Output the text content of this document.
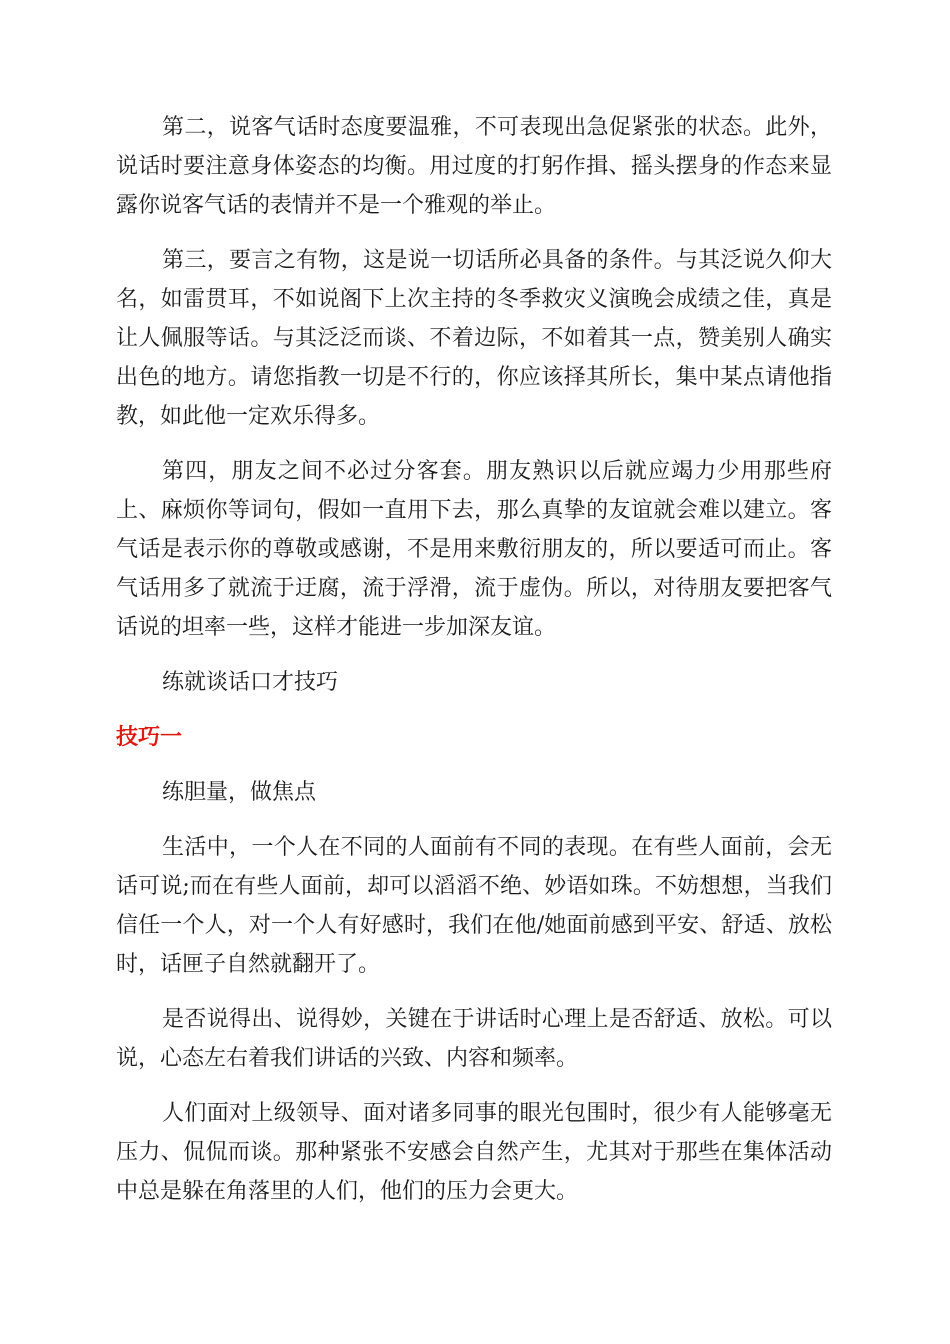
第二，说客气话时态度要温雅，不可表现出急促紧张的状态。此外，说话时要注意身体姿态的均衡。用过度的打躬作揖、摇头摆身的作态来显露你说客气话的表情并不是一个雅观的举止。

第三，要言之有物，这是说一切话所必具备的条件。与其泛说久仰大名，如雷贯耳，不如说阁下上次主持的冬季救灾义演晚会成绩之佳，真是让人佩服等话。与其泛泛而谈、不着边际，不如着其一点，赞美别人确实出色的地方。请您指教一切是不行的，你应该择其所长，集中某点请他指教，如此他一定欢乐得多。

第四，朋友之间不必过分客套。朋友熟识以后就应竭力少用那些府上、麻烦你等词句，假如一直用下去，那么真挚的友谊就会难以建立。客气话是表示你的尊敬或感谢，不是用来敷衍朋友的，所以要适可而止。客气话用多了就流于迂腐，流于浮滑，流于虚伪。所以，对待朋友要把客气话说的坦率一些，这样才能进一步加深友谊。

练就谈话口才技巧

技巧一

练胆量，做焦点

生活中，一个人在不同的人面前有不同的表现。在有些人面前，会无话可说;而在有些人面前，却可以滔滔不绝、妙语如珠。不妨想想，当我们信任一个人，对一个人有好感时，我们在他/她面前感到平安、舒适、放松时，话匣子自然就翻开了。

是否说得出、说得妙，关键在于讲话时心理上是否舒适、放松。可以说，心态左右着我们讲话的兴致、内容和频率。

人们面对上级领导、面对诸多同事的眼光包围时，很少有人能够毫无压力、侃侃而谈。那种紧张不安感会自然产生，尤其对于那些在集体活动中总是躲在角落里的人们，他们的压力会更大。
